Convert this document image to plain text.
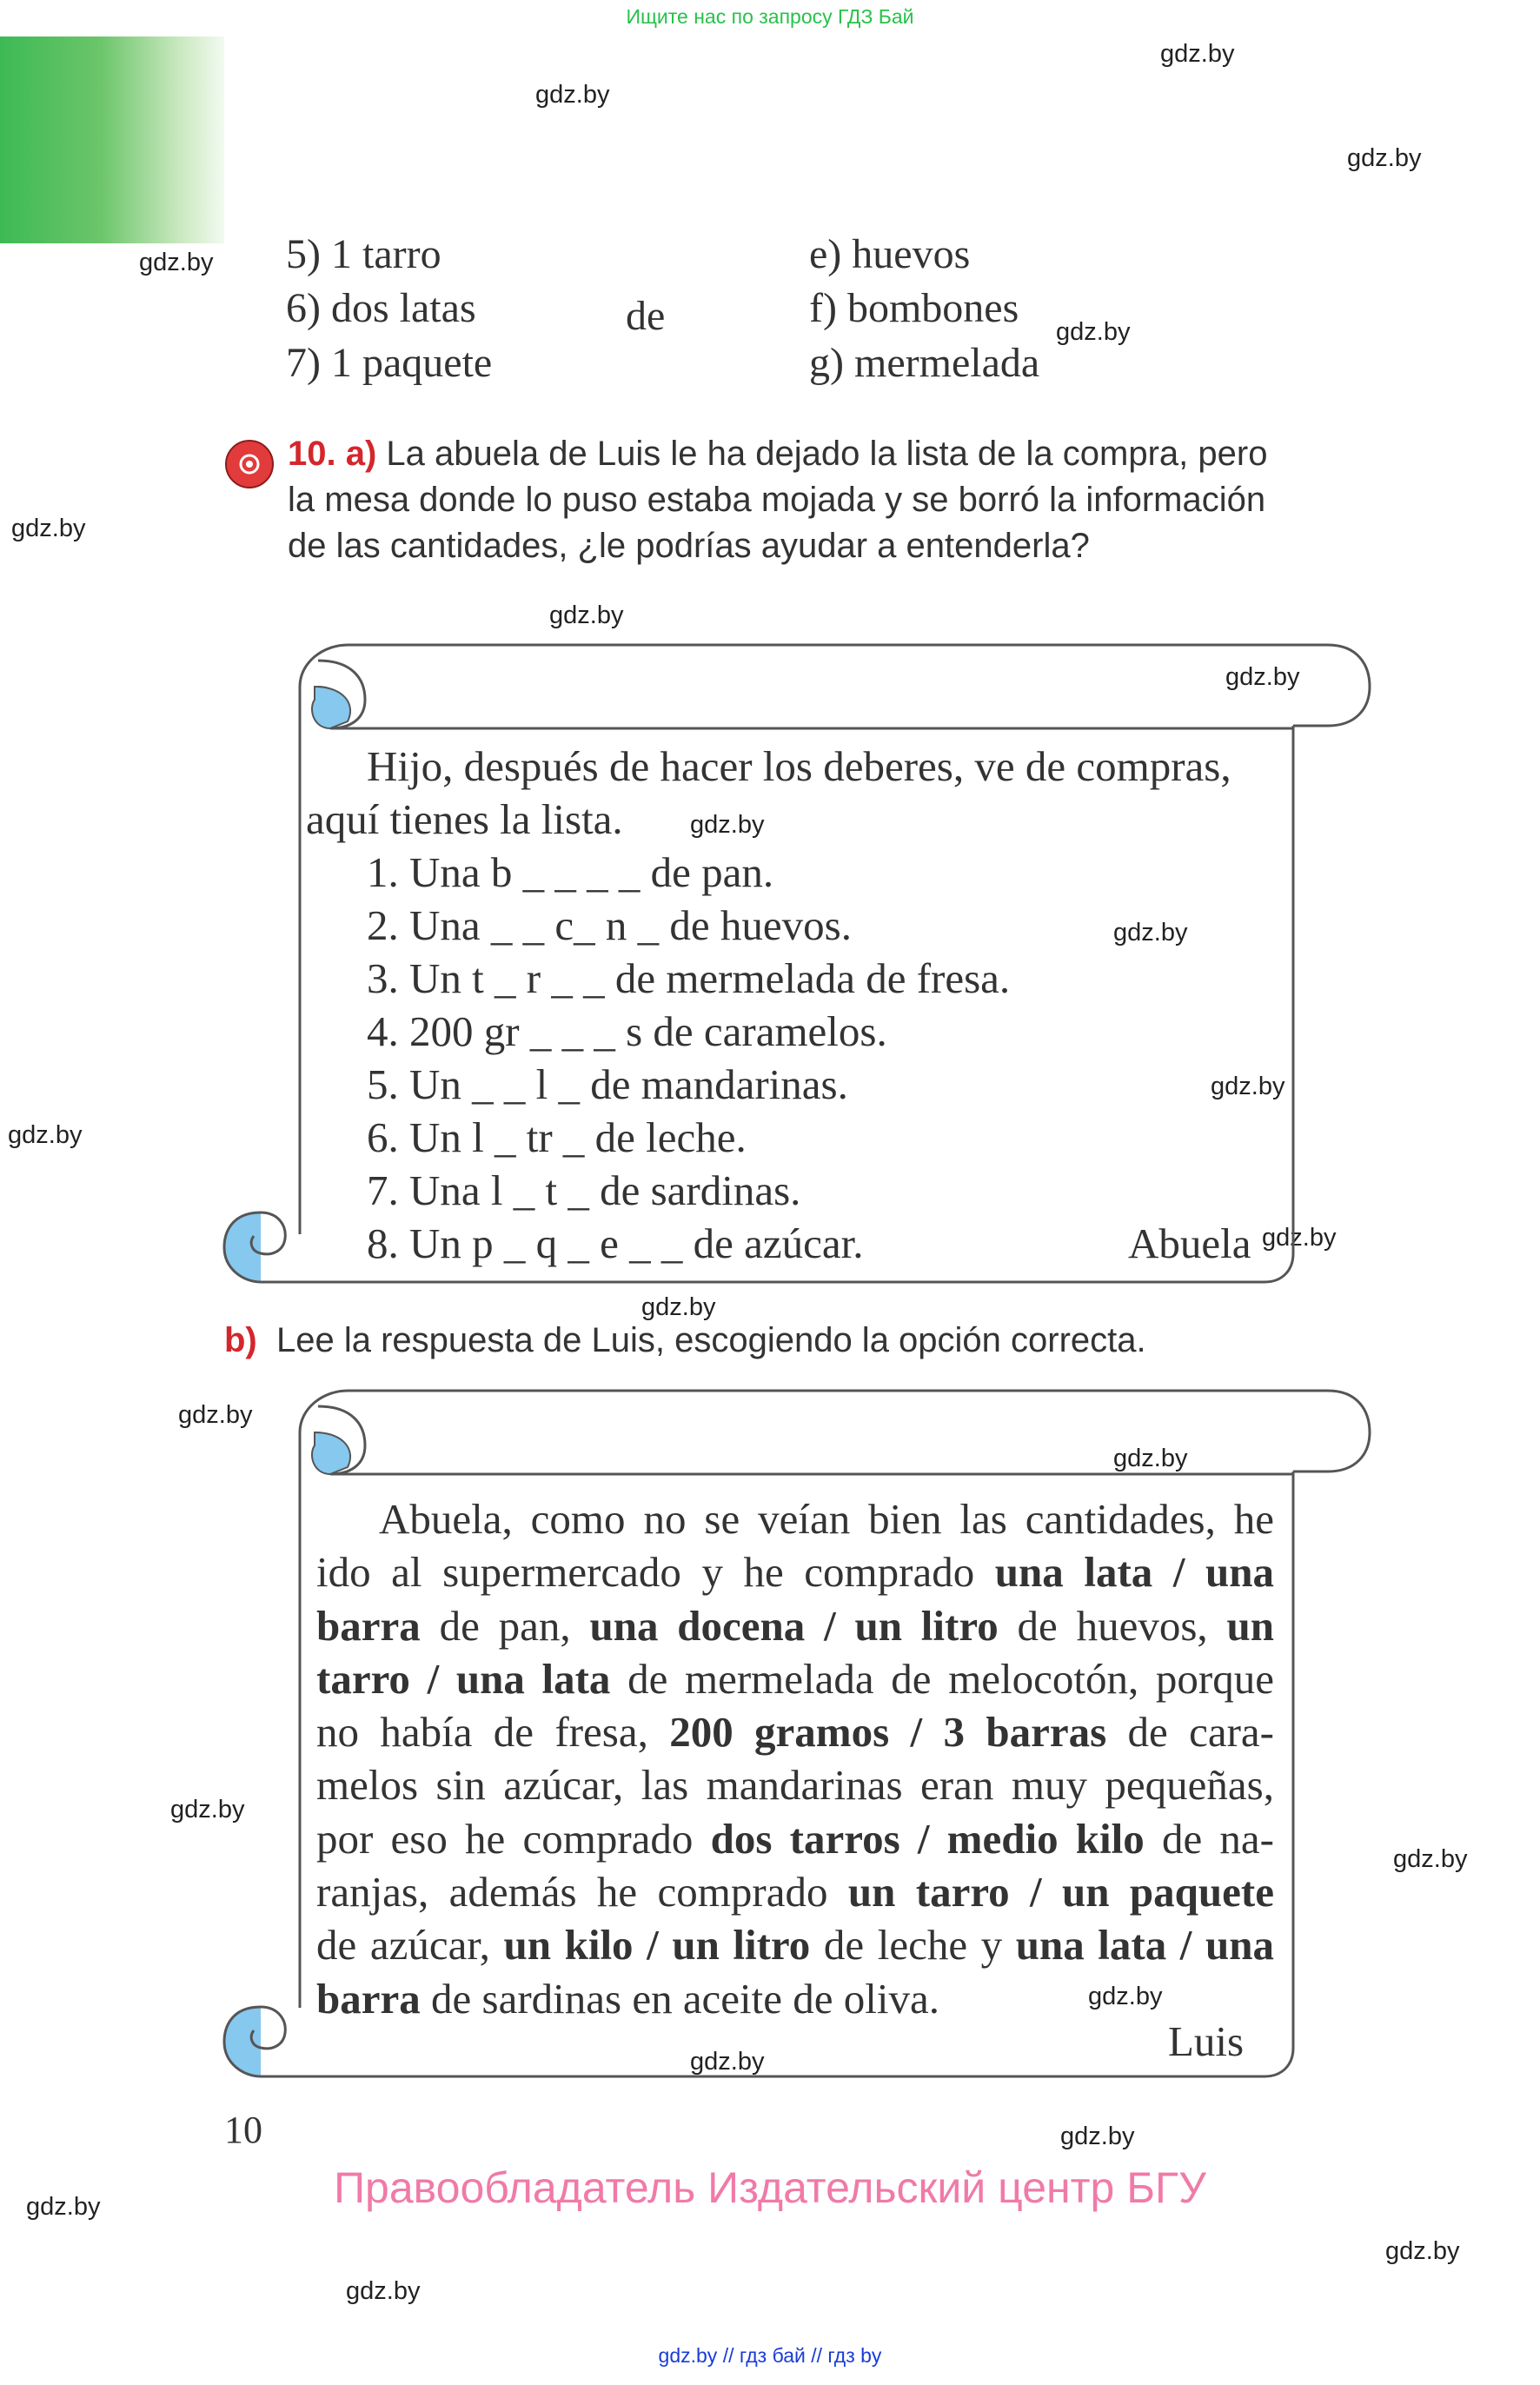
Ищите нас по запросу ГДЗ Бай
gdz.by
gdz.by
gdz.by
gdz.by
gdz.by
gdz.by
gdz.by
gdz.by
gdz.by
gdz.by
gdz.by
gdz.by
gdz.by
gdz.by
gdz.by
gdz.by
gdz.by
gdz.by
gdz.by
gdz.by
gdz.by
gdz.by
gdz.by
gdz.by
5) 1 tarro
6) dos latas
7) 1 paquete
de
e) huevos
f) bombones
g) mermelada
10. a) La abuela de Luis le ha dejado la lista de la compra, pero
la mesa donde lo puso estaba mojada y se borró la información
de las cantidades, ¿le podrías ayudar a entenderla?
Hijo, después de hacer los deberes, ve de compras,
aquí tienes la lista.
1. Una b _ _ _ _ de pan.
2. Una _ _ c_ n _ de huevos.
3. Un t _ r _ _ de mermelada de fresa.
4. 200 gr _ _ _ s de caramelos.
5. Un _ _ l _ de mandarinas.
6. Un l _ tr _ de leche.
7. Una l _ t _ de sardinas.
8. Un p _ q _ e _ _ de azúcar.	Abuela
b) Lee la respuesta de Luis, escogiendo la opción correcta.
Abuela, como no se veían bien las cantidades, he
ido al supermercado y he comprado una lata / una
barra de pan, una docena / un litro de huevos, un
tarro / una lata de mermelada de melocotón, porque
no había de fresa, 200 gramos / 3 barras de cara-
melos sin azúcar, las mandarinas eran muy pequeñas,
por eso he comprado dos tarros / medio kilo de na-
ranjas, además he comprado un tarro / un paquete
de azúcar, un kilo / un litro de leche y una lata / una
barra de sardinas en aceite de oliva.
Luis
10
Правообладатель Издательский центр БГУ
gdz.by // гдз бай // гдз by
